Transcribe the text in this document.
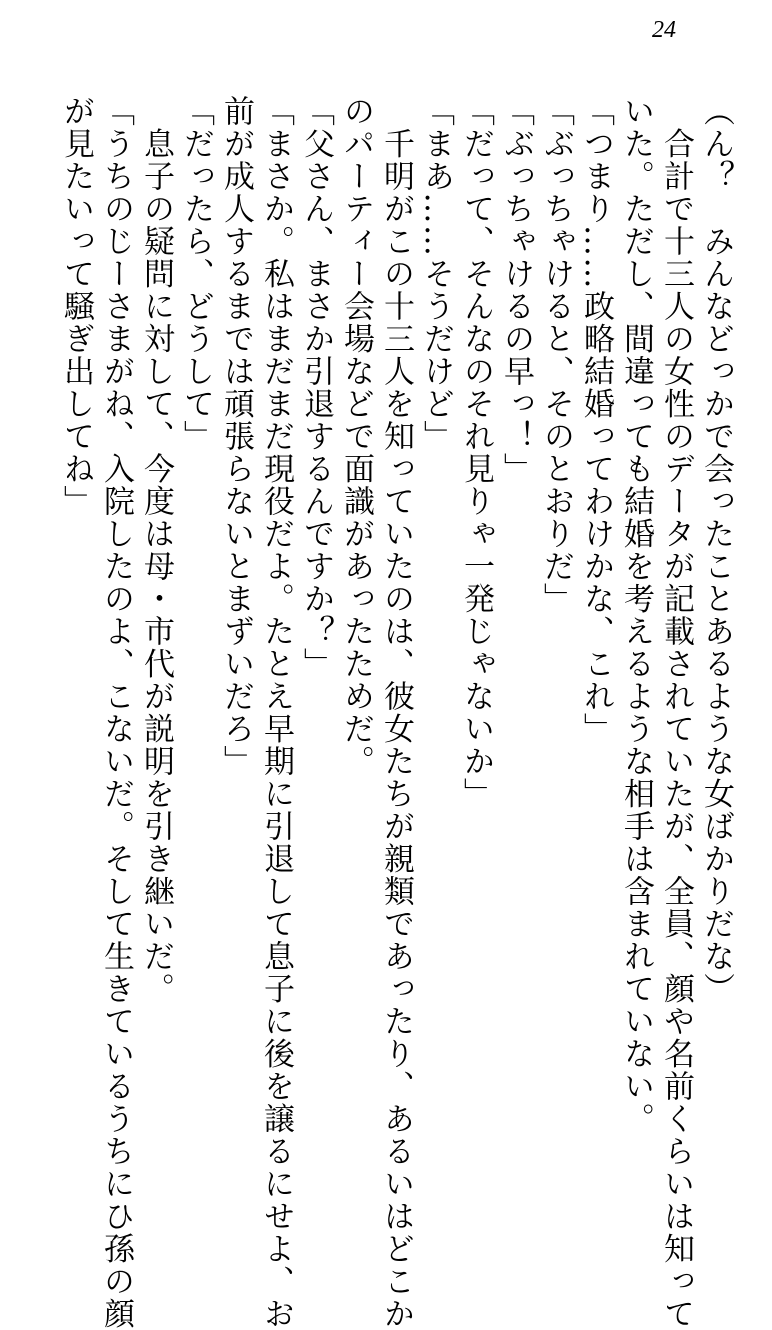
24
（ん？　みんなどっかで会ったことあるような女ばかりだな）
　合計で十三人の女性のデータが記載されていたが、全員、顔や名前くらいは知って
いた。ただし、間違っても結婚を考えるような相手は含まれていない。
「つまり……政略結婚ってわけかな、これ」
「ぶっちゃけると、そのとおりだ」
「ぶっちゃけるの早っ！」
「だって、そんなのそれ見りゃ一発じゃないか」
「まあ……そうだけど」
　千明がこの十三人を知っていたのは、彼女たちが親類であったり、あるいはどこか
のパーティー会場などで面識があったためだ。
「父さん、まさか引退するんですか？」
「まさか。私はまだまだ現役だよ。たとえ早期に引退して息子に後を譲るにせよ、お
前が成人するまでは頑張らないとまずいだろ」
「だったら、どうして」
　息子の疑問に対して、今度は母・市代が説明を引き継いだ。
「うちのじーさまがね、入院したのよ、こないだ。そして生きているうちにひ孫の顔
が見たいって騒ぎ出してね」
